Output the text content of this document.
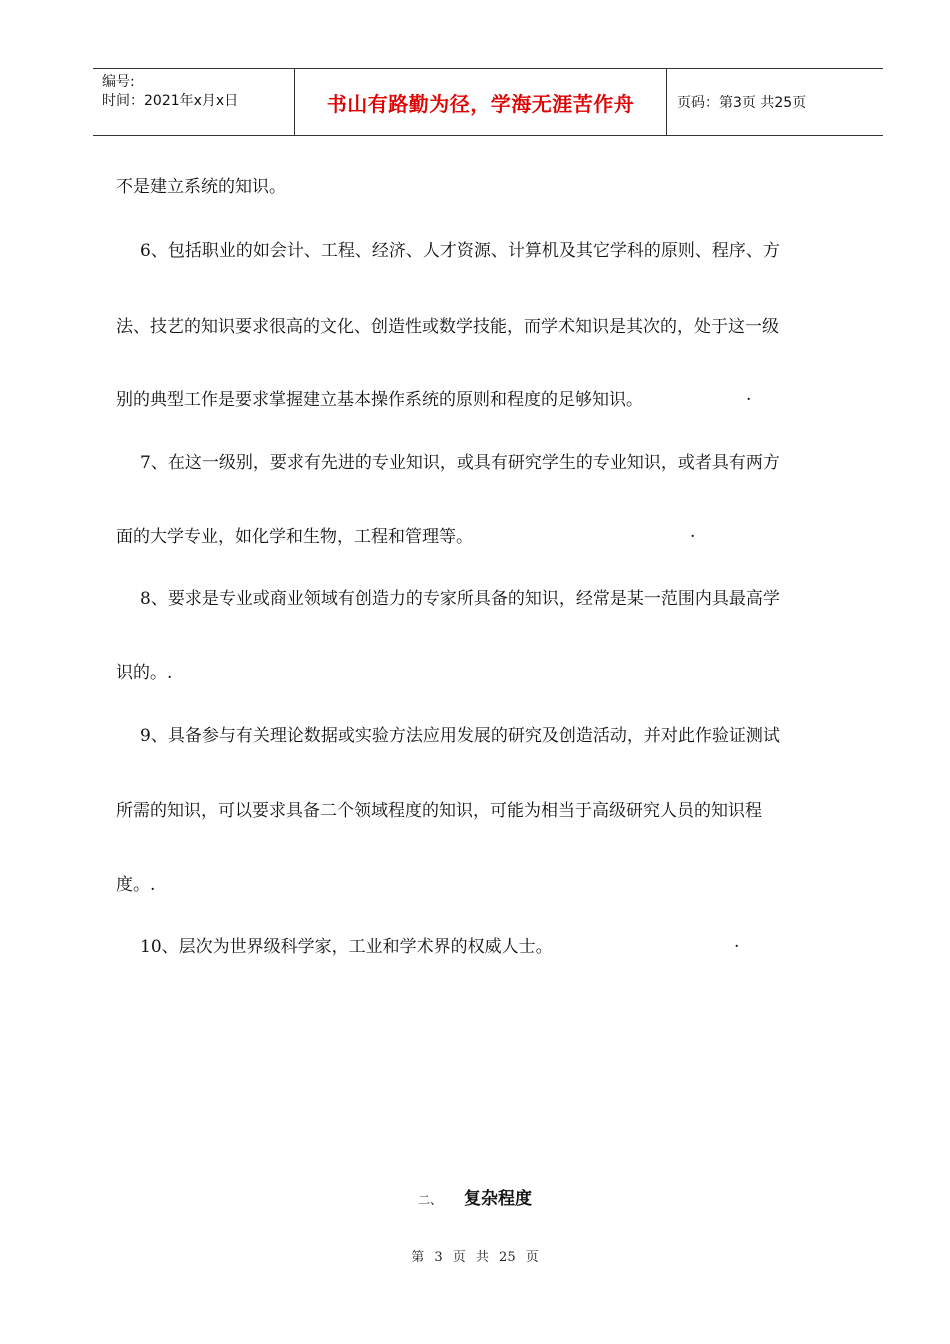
编号:
时间：2021年x月x日	书山有路勤为径，学海无涯苦作舟	页码：第3页 共25页
不是建立系统的知识。
6、包括职业的如会计、工程、经济、人才资源、计算机及其它学科的原则、程序、方
法、技艺的知识要求很高的文化、创造性或数学技能，而学术知识是其次的，处于这一级
别的典型工作是要求掌握建立基本操作系统的原则和程度的足够知识。	.
7、在这一级别，要求有先进的专业知识，或具有研究学生的专业知识，或者具有两方
面的大学专业，如化学和生物，工程和管理等。	.
8、要求是专业或商业领域有创造力的专家所具备的知识，经常是某一范围内具最高学
识的。.
9、具备参与有关理论数据或实验方法应用发展的研究及创造活动，并对此作验证测试
所需的知识，可以要求具备二个领域程度的知识，可能为相当于高级研究人员的知识程
度。.
10、层次为世界级科学家，工业和学术界的权威人士。	.
二、 复杂程度
第 3 页 共 25 页
